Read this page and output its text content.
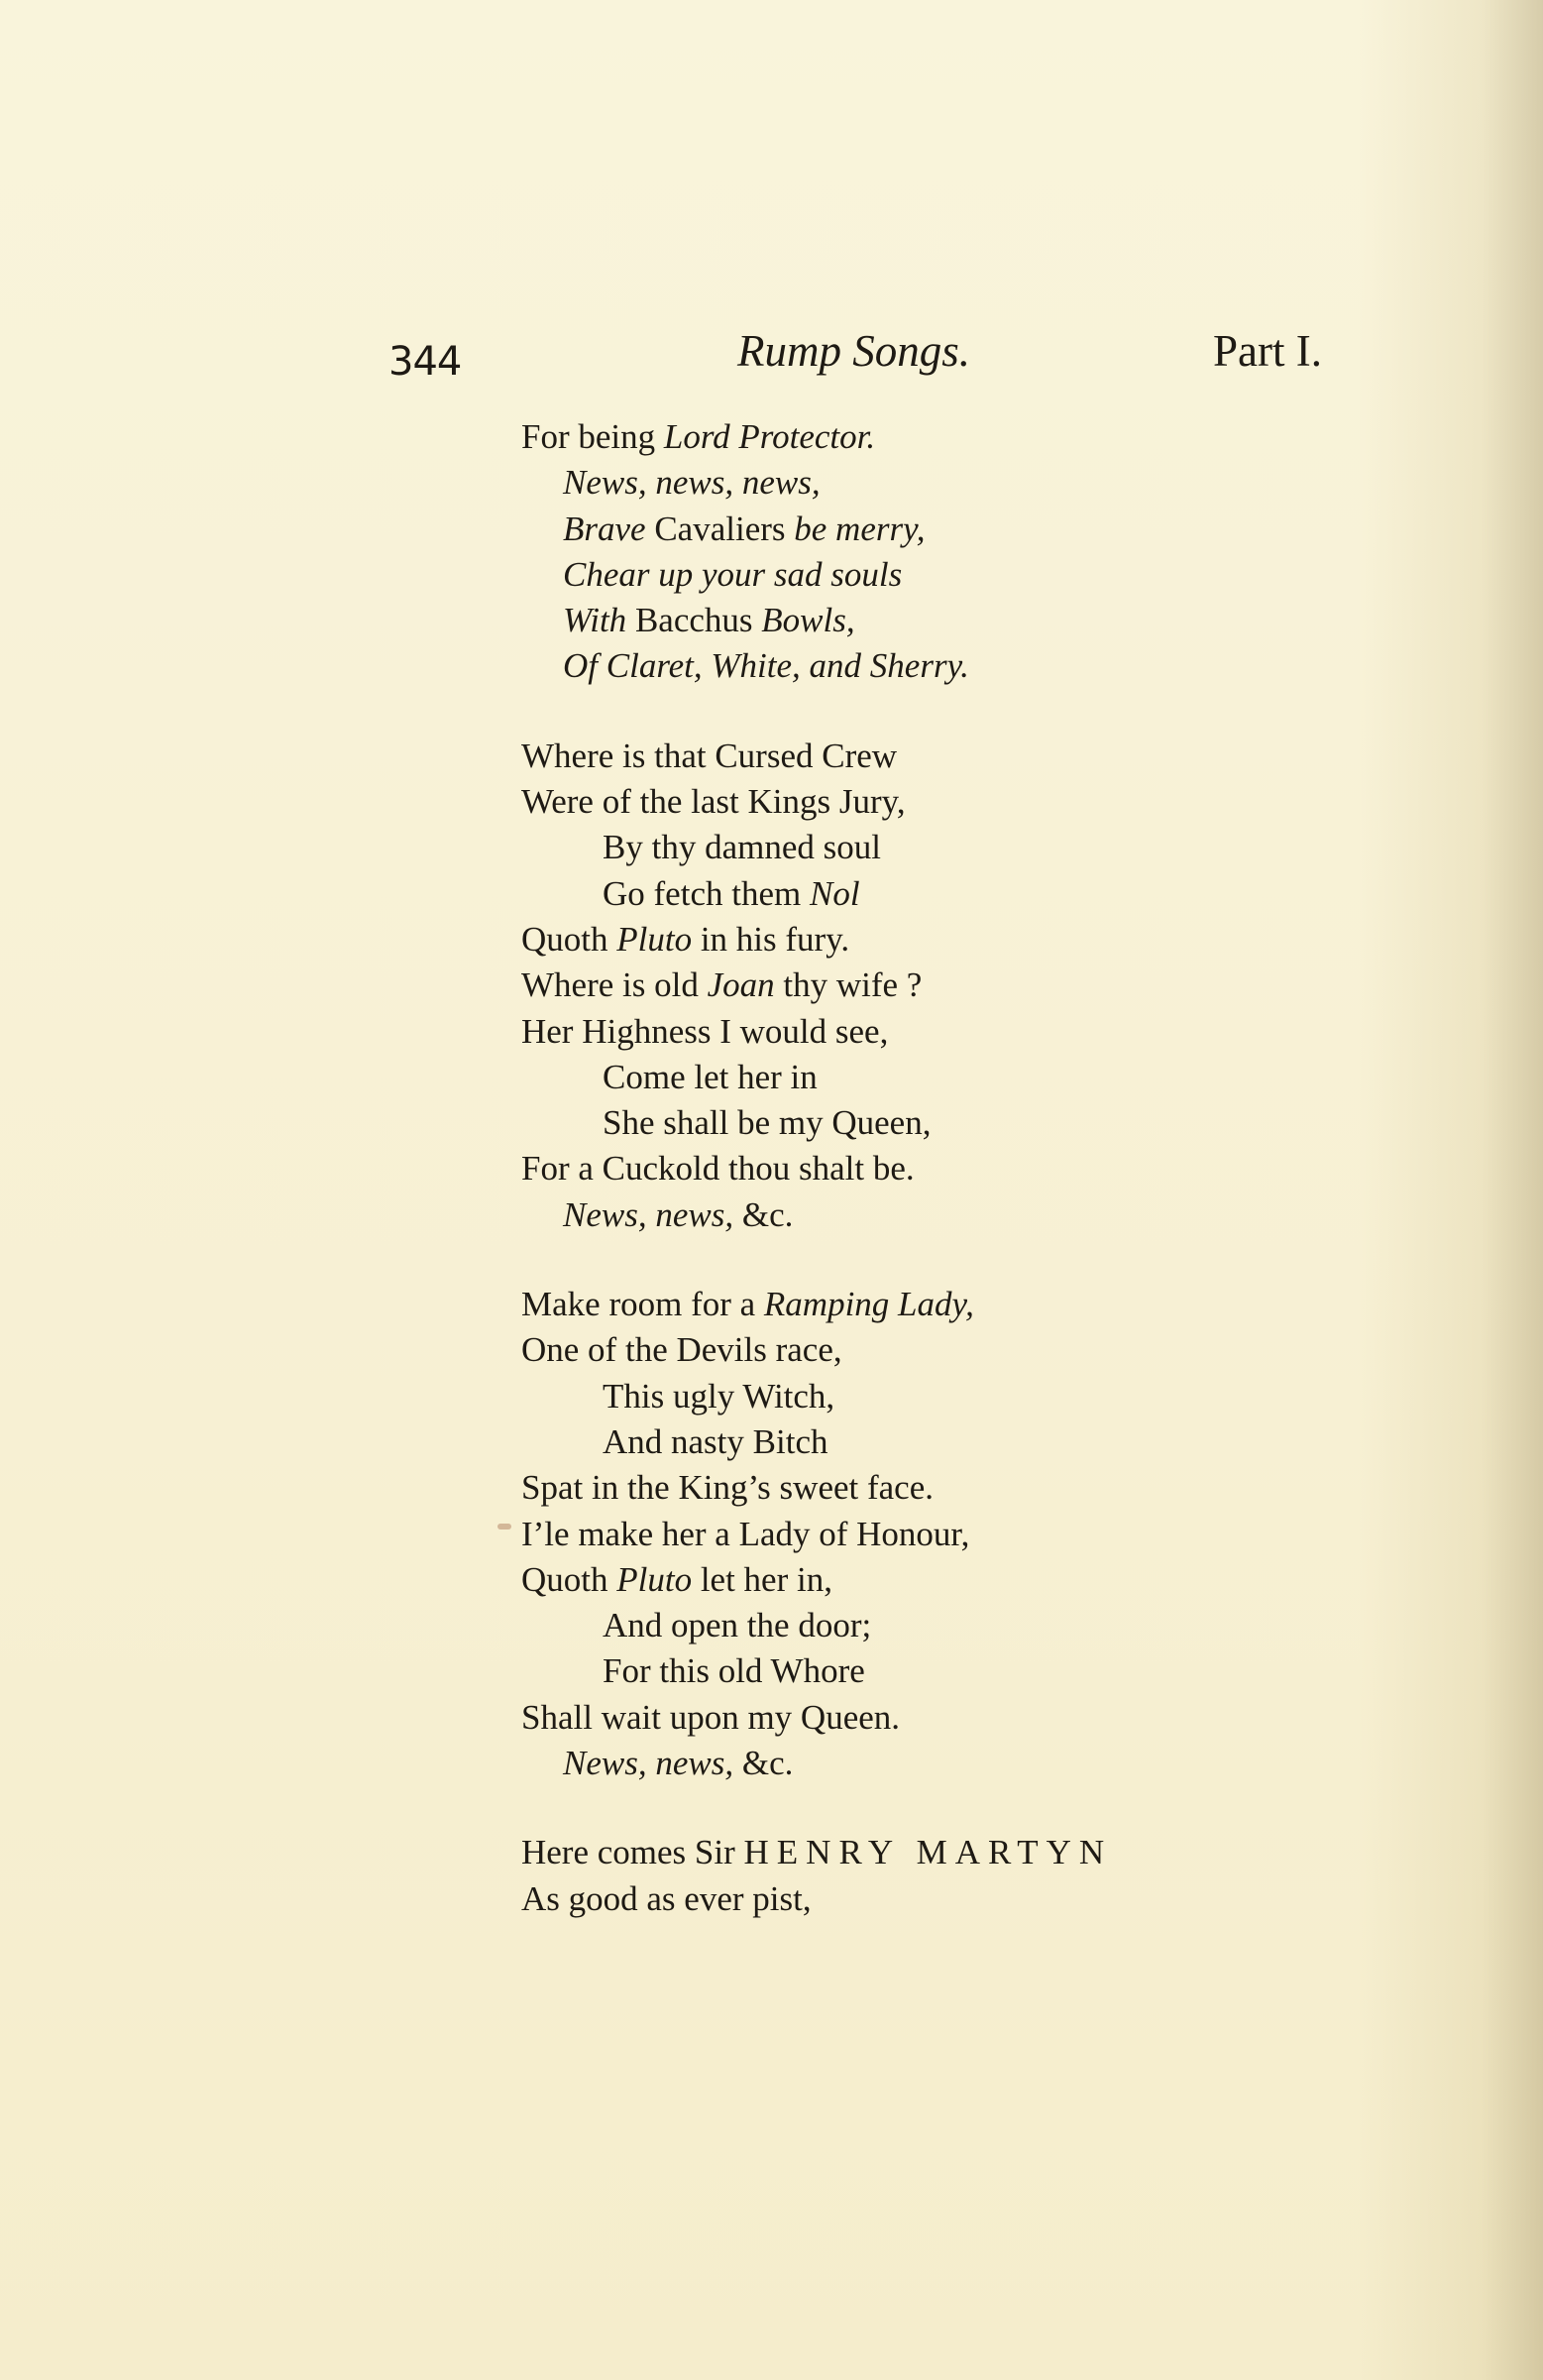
344	Rump Songs.	Part I.
For being Lord Protector.
News, news, news,
Brave Cavaliers be merry,
Chear up your sad souls
With Bacchus Bowls,
Of Claret, White, and Sherry.
Where is that Cursed Crew
Were of the last Kings Jury,
By thy damned soul
Go fetch them Nol
Quoth Pluto in his fury.
Where is old Joan thy wife ?
Her Highness I would see,
Come let her in
She shall be my Queen,
For a Cuckold thou shalt be.
News, news, &c.
Make room for a Ramping Lady,
One of the Devils race,
This ugly Witch,
And nasty Bitch
Spat in the King’s sweet face.
I’le make her a Lady of Honour,
Quoth Pluto let her in,
And open the door;
For this old Whore
Shall wait upon my Queen.
News, news, &c.
Here comes Sir HENRY MARTYN
As good as ever pist,
